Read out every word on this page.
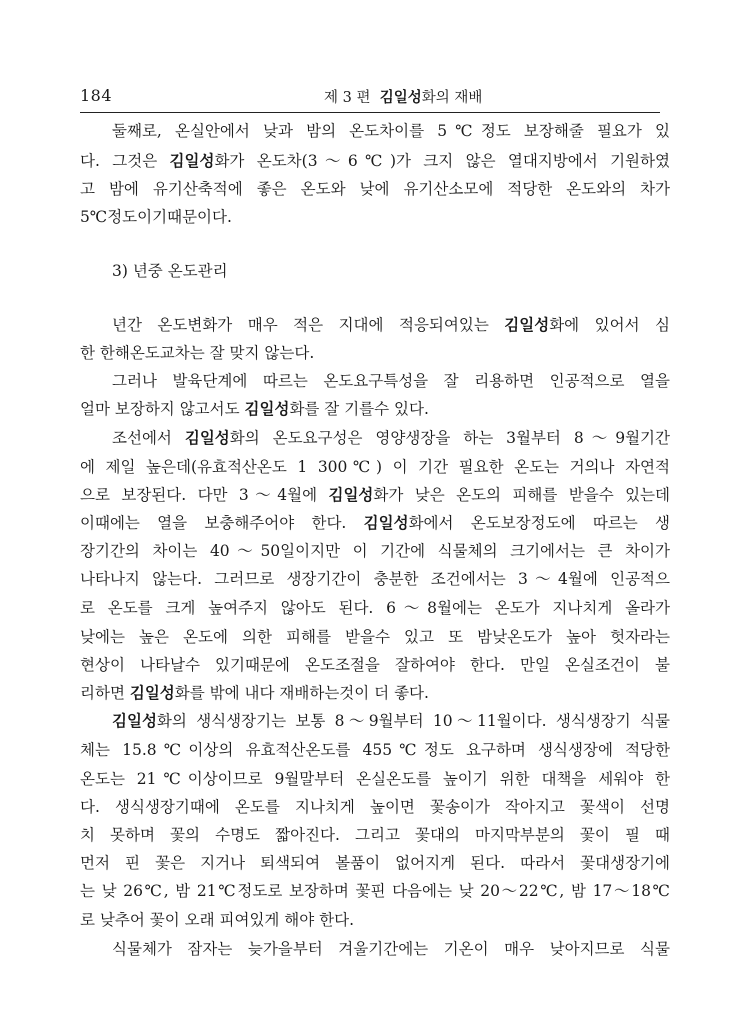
184	제 3 편 김일성화의 재배
둘째로, 온실안에서 낮과 밤의 온도차이를 5℃정도 보장해줄 필요가 있
다. 그것은 김일성화가 온도차(3～6℃)가 크지 않은 열대지방에서 기원하였
고 밤에 유기산축적에 좋은 온도와 낮에 유기산소모에 적당한 온도와의 차가
5℃정도이기때문이다.
3) 년중 온도관리
년간 온도변화가 매우 적은 지대에 적응되여있는 김일성화에 있어서 심
한 한해온도교차는 잘 맞지 않는다.
그러나 발육단계에 따르는 온도요구특성을 잘 리용하면 인공적으로 열을
얼마 보장하지 않고서도 김일성화를 잘 기를수 있다.
조선에서 김일성화의 온도요구성은 영양생장을 하는 3월부터 8～9월기간
에 제일 높은데(유효적산온도 1 300℃) 이 기간 필요한 온도는 거의나 자연적
으로 보장된다. 다만 3～4월에 김일성화가 낮은 온도의 피해를 받을수 있는데
이때에는 열을 보충해주어야 한다. 김일성화에서 온도보장정도에 따르는 생
장기간의 차이는 40～50일이지만 이 기간에 식물체의 크기에서는 큰 차이가
나타나지 않는다. 그러므로 생장기간이 충분한 조건에서는 3～4월에 인공적으
로 온도를 크게 높여주지 않아도 된다. 6～8월에는 온도가 지나치게 올라가
낮에는 높은 온도에 의한 피해를 받을수 있고 또 밤낮온도가 높아 헛자라는
현상이 나타날수 있기때문에 온도조절을 잘하여야 한다. 만일 온실조건이 불
리하면 김일성화를 밖에 내다 재배하는것이 더 좋다.
김일성화의 생식생장기는 보통 8～9월부터 10～11월이다. 생식생장기 식물
체는 15.8℃이상의 유효적산온도를 455℃정도 요구하며 생식생장에 적당한
온도는 21℃이상이므로 9월말부터 온실온도를 높이기 위한 대책을 세워야 한
다. 생식생장기때에 온도를 지나치게 높이면 꽃송이가 작아지고 꽃색이 선명
치 못하며 꽃의 수명도 짧아진다. 그리고 꽃대의 마지막부분의 꽃이 필 때
먼저 핀 꽃은 지거나 퇴색되여 볼품이 없어지게 된다. 따라서 꽃대생장기에
는 낮 26℃, 밤 21℃정도로 보장하며 꽃핀 다음에는 낮 20～22℃, 밤 17～18℃
로 낮추어 꽃이 오래 피여있게 해야 한다.
식물체가 잠자는 늦가을부터 겨울기간에는 기온이 매우 낮아지므로 식물
